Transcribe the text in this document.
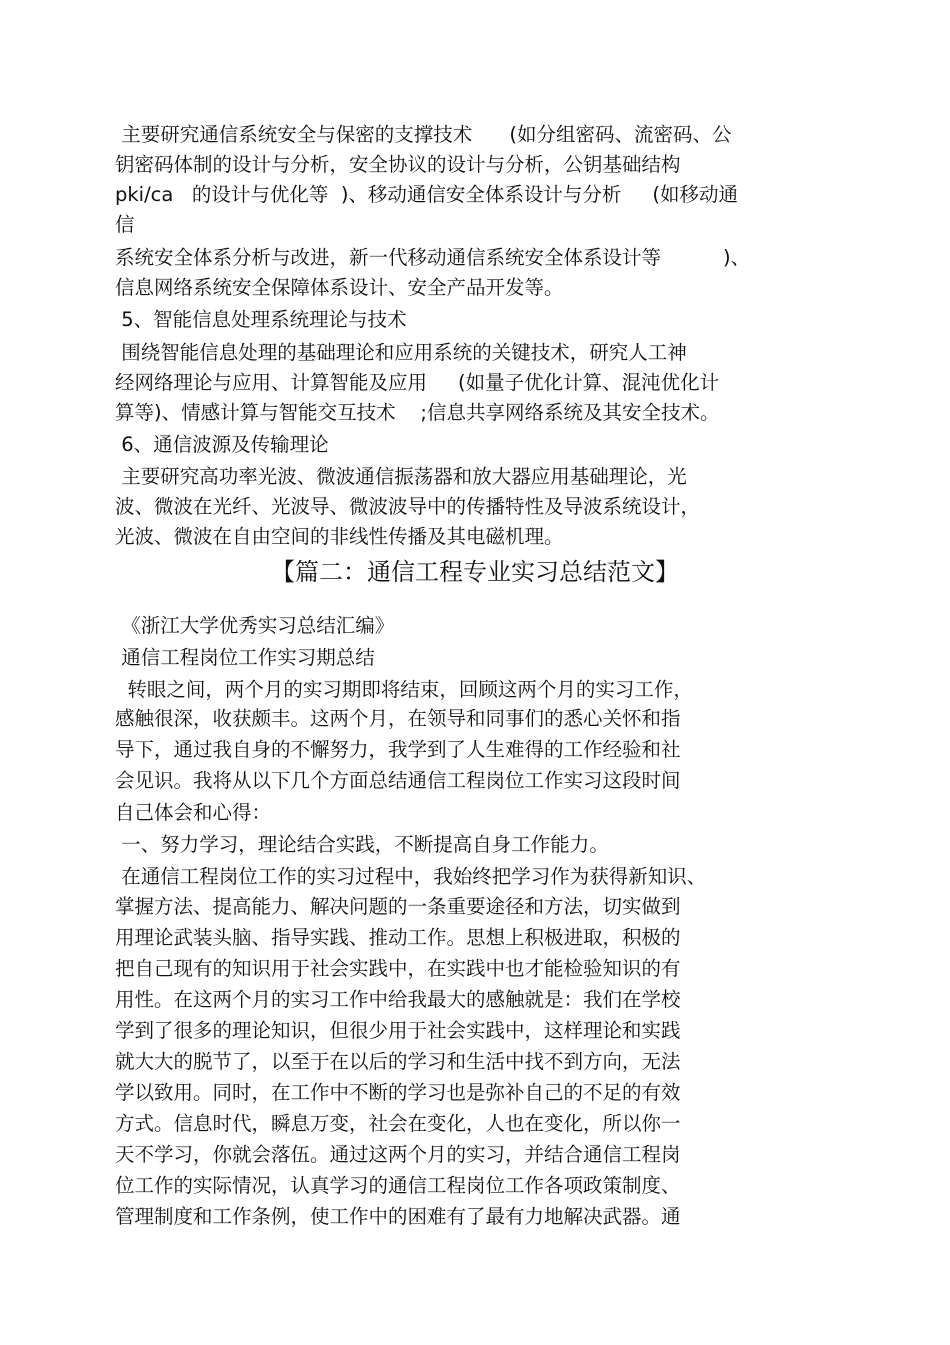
主要研究通信系统安全与保密的支撑技术      (如分组密码、流密码、公
钥密码体制的设计与分析，安全协议的设计与分析，公钥基础结构
pki/ca   的设计与优化等  )、移动通信安全体系设计与分析     (如移动通
信
系统安全体系分析与改进，新一代移动通信系统安全体系设计等          )、
信息网络系统安全保障体系设计、安全产品开发等。
5、智能信息处理系统理论与技术
围绕智能信息处理的基础理论和应用系统的关键技术，研究人工神
经网络理论与应用、计算智能及应用     (如量子优化计算、混沌优化计
算等)、情感计算与智能交互技术    ;信息共享网络系统及其安全技术。
6、通信波源及传输理论
主要研究高功率光波、微波通信振荡器和放大器应用基础理论，光
波、微波在光纤、光波导、微波波导中的传播特性及导波系统设计，
光波、微波在自由空间的非线性传播及其电磁机理。
【篇二：通信工程专业实习总结范文】
《浙江大学优秀实习总结汇编》
通信工程岗位工作实习期总结
转眼之间，两个月的实习期即将结束，回顾这两个月的实习工作，
感触很深，收获颇丰。这两个月，在领导和同事们的悉心关怀和指
导下，通过我自身的不懈努力，我学到了人生难得的工作经验和社
会见识。我将从以下几个方面总结通信工程岗位工作实习这段时间
自己体会和心得：
一、努力学习，理论结合实践，不断提高自身工作能力。
在通信工程岗位工作的实习过程中，我始终把学习作为获得新知识、
掌握方法、提高能力、解决问题的一条重要途径和方法，切实做到
用理论武装头脑、指导实践、推动工作。思想上积极进取，积极的
把自己现有的知识用于社会实践中，在实践中也才能检验知识的有
用性。在这两个月的实习工作中给我最大的感触就是：我们在学校
学到了很多的理论知识，但很少用于社会实践中，这样理论和实践
就大大的脱节了，以至于在以后的学习和生活中找不到方向，无法
学以致用。同时，在工作中不断的学习也是弥补自己的不足的有效
方式。信息时代，瞬息万变，社会在变化，人也在变化，所以你一
天不学习，你就会落伍。通过这两个月的实习，并结合通信工程岗
位工作的实际情况，认真学习的通信工程岗位工作各项政策制度、
管理制度和工作条例，使工作中的困难有了最有力地解决武器。通
